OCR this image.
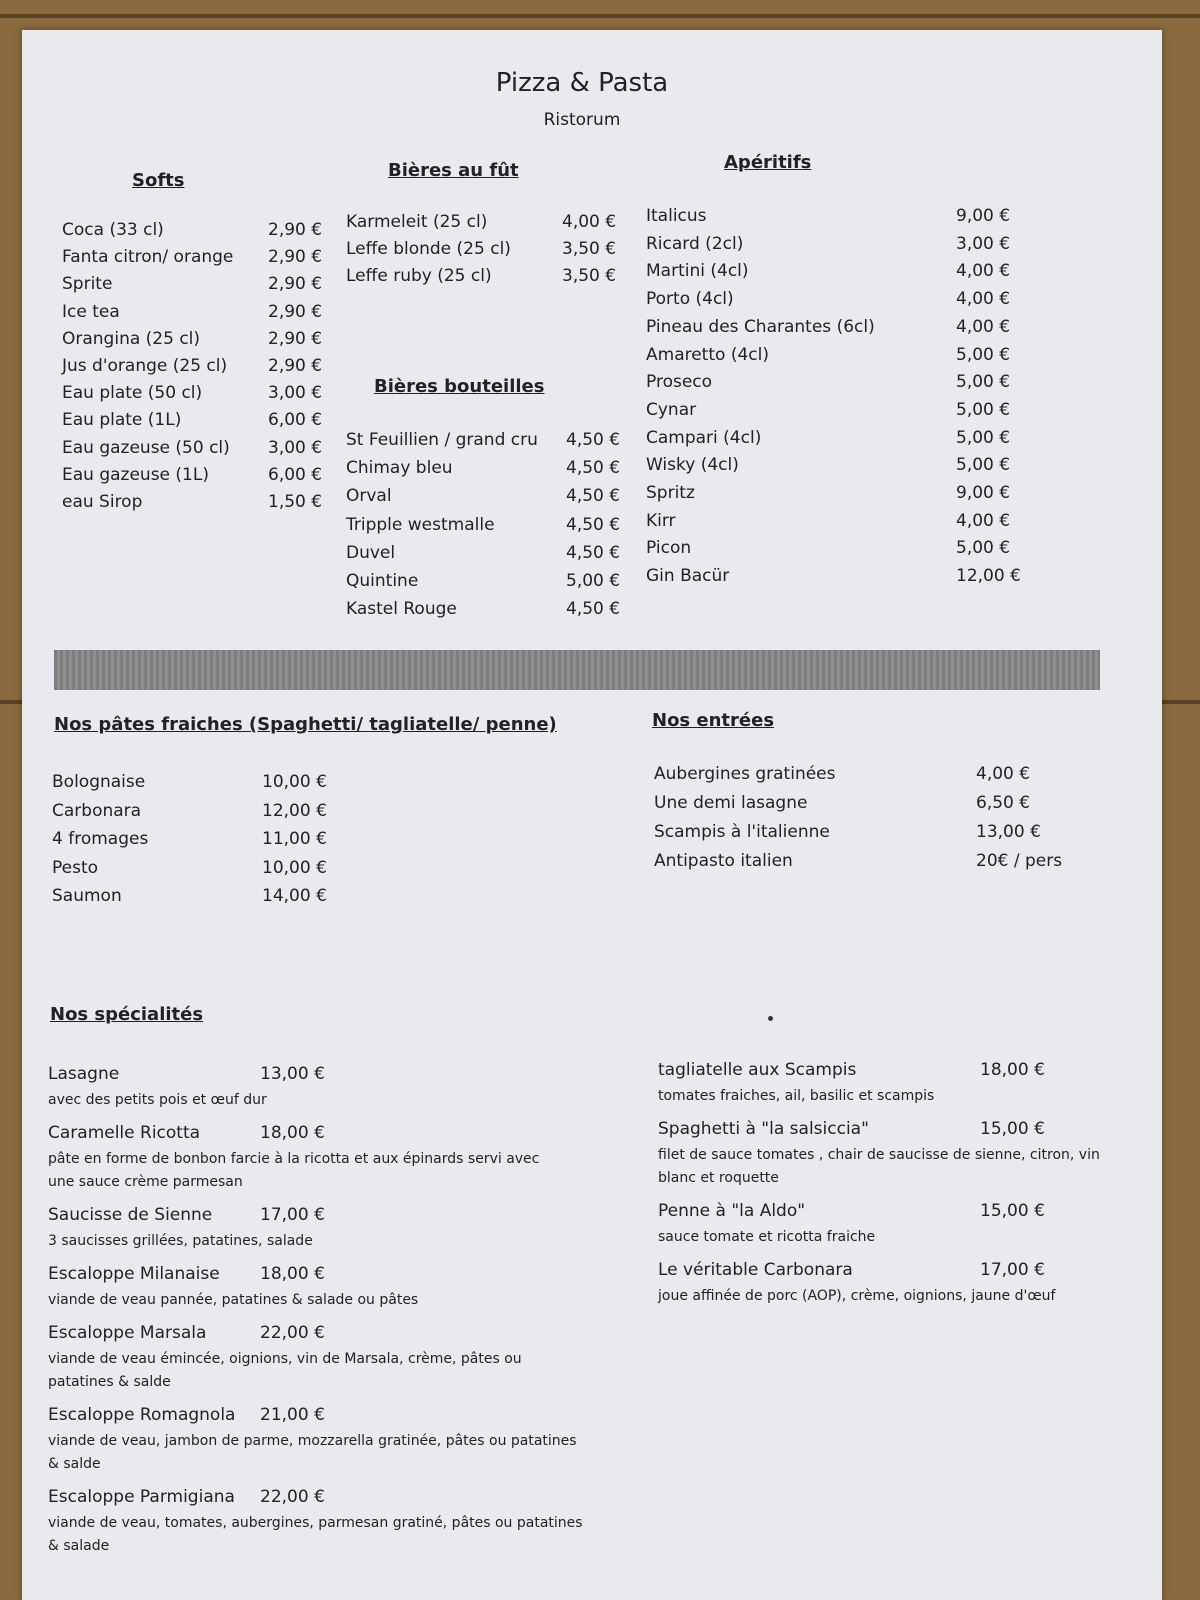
Pizza & Pasta
Ristorum
Softs	Bières au fût	Apéritifs
Bières bouteilles
Coca (33 cl)	2,90 €
Fanta citron/ orange 2,90 €
Sprite	2,90 €
Ice tea	2,90 €
Orangina (25 cl)	2,90 €
Jus d'orange (25 cl) 2,90 €
Eau plate (50 cl)	3,00 €
Eau plate (1L)	6,00 €
Eau gazeuse (50 cl) 3,00 €
Eau gazeuse (1L)	6,00 €
eau Sirop	1,50 €
Karmeleit (25 cl)	4,00 €
Leffe blonde (25 cl)	3,50 €
Leffe ruby (25 cl)	3,50 €
St Feuillien / grand cru 4,50 €
Chimay bleu	4,50 €
Orval	4,50 €
Tripple westmalle	4,50 €
Duvel	4,50 €
Quintine	5,00 €
Kastel Rouge	4,50 €
Italicus	9,00 €
Ricard (2cl)	3,00 €
Martini (4cl)	4,00 €
Porto (4cl)	4,00 €
Pineau des Charantes (6cl)	4,00 €
Amaretto (4cl)	5,00 €
Proseco	5,00 €
Cynar	5,00 €
Campari (4cl)	5,00 €
Wisky (4cl)	5,00 €
Spritz	9,00 €
Kirr	4,00 €
Picon	5,00 €
Gin Bacür	12,00 €
Nos pâtes fraiches (Spaghetti/ tagliatelle/ penne)	Nos entrées
Bolognaise	10,00 €
Carbonara	12,00 €
4 fromages	11,00 €
Pesto	10,00 €
Saumon	14,00 €
Aubergines gratinées	4,00 €
Une demi lasagne	6,50 €
Scampis à l'italienne	13,00 €
Antipasto italien	20€ / pers
Nos spécialités
Lasagne	13,00 €
avec des petits pois et œuf dur
Caramelle Ricotta	18,00 €
pâte en forme de bonbon farcie à la ricotta et aux épinards servi avec
une sauce crème parmesan
Saucisse de Sienne	17,00 €
3 saucisses grillées, patatines, salade
Escaloppe Milanaise 18,00 €
viande de veau pannée, patatines & salade ou pâtes
Escaloppe Marsala	22,00 €
viande de veau émincée, oignions, vin de Marsala, crème, pâtes ou
patatines & salde
Escaloppe Romagnola 21,00 €
viande de veau, jambon de parme, mozzarella gratinée, pâtes ou patatines
& salde
Escaloppe Parmigiana 22,00 €
viande de veau, tomates, aubergines, parmesan gratiné, pâtes ou patatines
& salade
tagliatelle aux Scampis	18,00 €
tomates fraiches, ail, basilic et scampis
Spaghetti à "la salsiccia"	15,00 €
filet de sauce tomates , chair de saucisse de sienne, citron, vin
blanc et roquette
Penne à "la Aldo"	15,00 €
sauce tomate et ricotta fraiche
Le véritable Carbonara	17,00 €
joue affinée de porc (AOP), crème, oignions, jaune d'œuf
